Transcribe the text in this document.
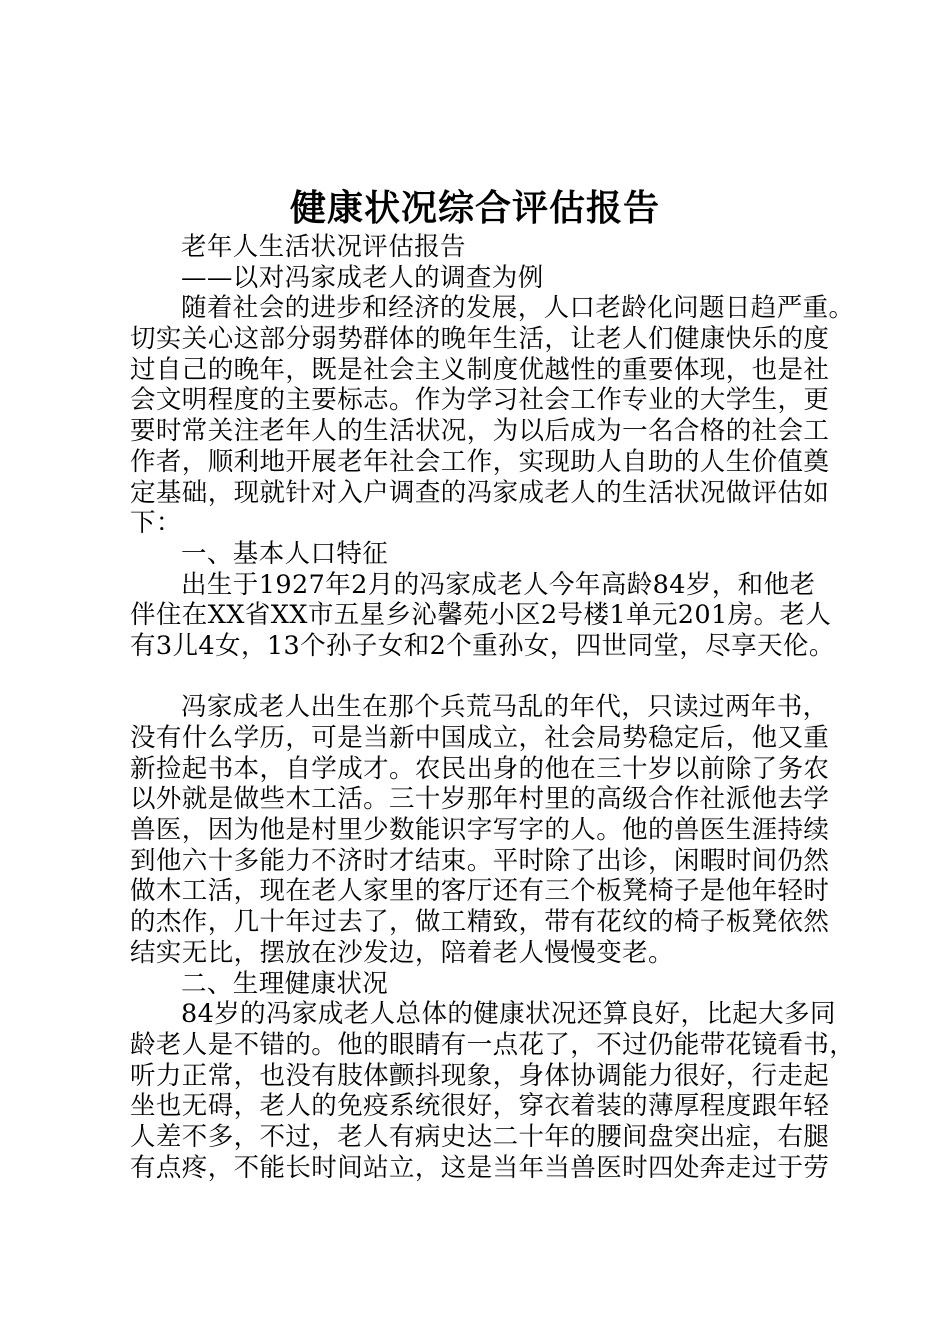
健康状况综合评估报告
老年人生活状况评估报告
——以对冯家成老人的调查为例
随着社会的进步和经济的发展，人口老龄化问题日趋严重。
切实关心这部分弱势群体的晚年生活，让老人们健康快乐的度
过自己的晚年，既是社会主义制度优越性的重要体现，也是社
会文明程度的主要标志。作为学习社会工作专业的大学生，更
要时常关注老年人的生活状况，为以后成为一名合格的社会工
作者，顺利地开展老年社会工作，实现助人自助的人生价值奠
定基础，现就针对入户调查的冯家成老人的生活状况做评估如
下：
一、基本人口特征
出生于1927年2月的冯家成老人今年高龄84岁，和他老
伴住在XX省XX市五星乡沁馨苑小区2号楼1单元201房。老人
有3儿4女，13个孙子女和2个重孙女，四世同堂，尽享天伦。
冯家成老人出生在那个兵荒马乱的年代，只读过两年书，
没有什么学历，可是当新中国成立，社会局势稳定后，他又重
新捡起书本，自学成才。农民出身的他在三十岁以前除了务农
以外就是做些木工活。三十岁那年村里的高级合作社派他去学
兽医，因为他是村里少数能识字写字的人。他的兽医生涯持续
到他六十多能力不济时才结束。平时除了出诊，闲暇时间仍然
做木工活，现在老人家里的客厅还有三个板凳椅子是他年轻时
的杰作，几十年过去了，做工精致，带有花纹的椅子板凳依然
结实无比，摆放在沙发边，陪着老人慢慢变老。
二、生理健康状况
84岁的冯家成老人总体的健康状况还算良好，比起大多同
龄老人是不错的。他的眼睛有一点花了，不过仍能带花镜看书，
听力正常，也没有肢体颤抖现象，身体协调能力很好，行走起
坐也无碍，老人的免疫系统很好，穿衣着装的薄厚程度跟年轻
人差不多，不过，老人有病史达二十年的腰间盘突出症，右腿
有点疼，不能长时间站立，这是当年当兽医时四处奔走过于劳
